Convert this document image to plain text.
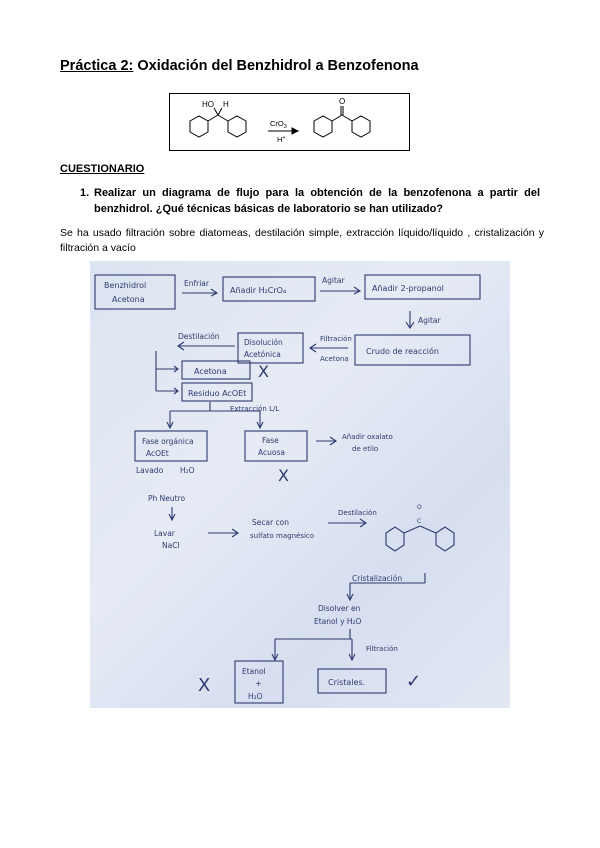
Práctica 2: Oxidación del Benzhidrol a Benzofenona
HO H
CrO$_3$
H+
O
CUESTIONARIO
1. Realizar un diagrama de flujo para la obtención de la benzofenona a partir del benzhidrol. ¿Qué técnicas básicas de laboratorio se han utilizado?
Se ha usado filtración sobre diatomeas, destilación simple, extracción líquido/líquido , cristalización y filtración a vacío
Benzhidrol
Acetona
Enfriar
Añadir H₂CrO₄
Agitar
Añadir 2-propanol
Agitar
Crudo de reacción
Filtración
Acetona
Disolución
Acetónica
Destilación
Acetona X
Residuo AcOEt
Extracción L/L
Fase orgánica
AcOEt
Fase
Acuosa
Añadir oxalato
de etilo
X
Lavado H₂O
Ph Neutro
Lavar
NaCl
Secar con
sulfato magnésico
Destilación
O
C
Cristalización
Disolver en
Etanol y H₂O
Filtración
Etanol
+
H₂O
X	Cristales. ✓
